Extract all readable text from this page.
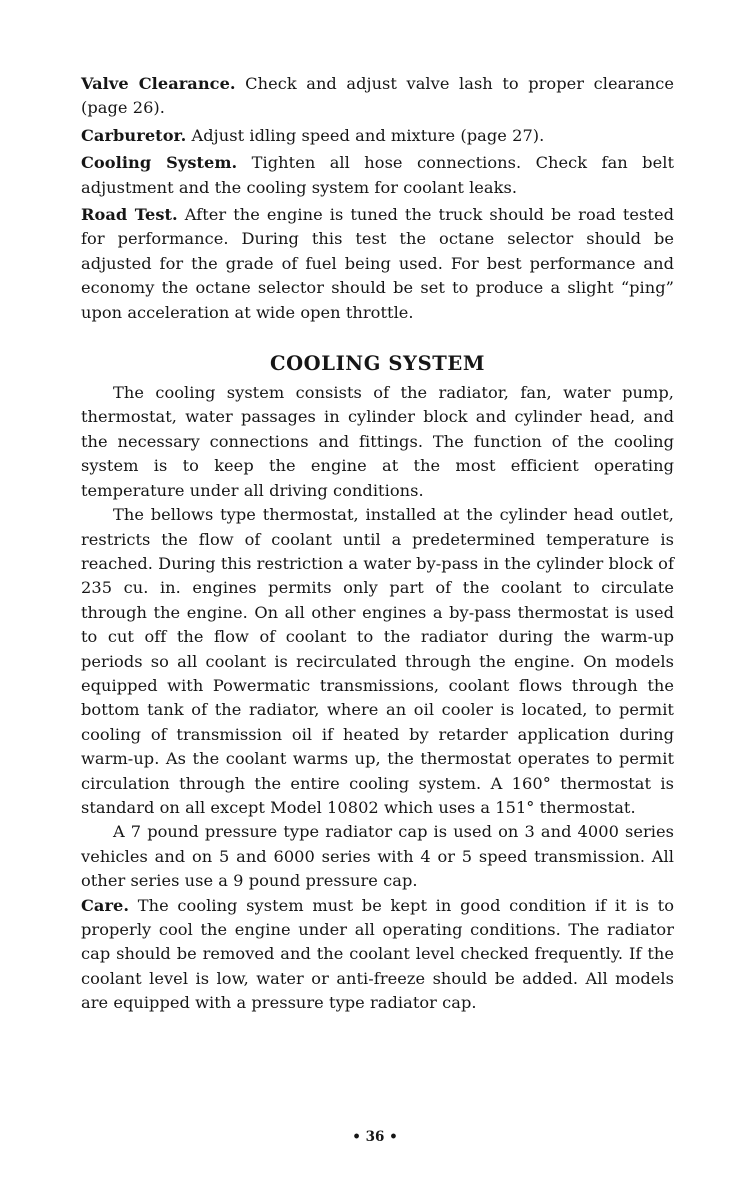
Valve Clearance. Check and adjust valve lash to proper clearance (page 26).

Carburetor. Adjust idling speed and mixture (page 27).

Cooling System. Tighten all hose connections. Check fan belt adjustment and the cooling system for coolant leaks.

Road Test. After the engine is tuned the truck should be road tested for performance. During this test the octane selector should be adjusted for the grade of fuel being used. For best performance and economy the octane selector should be set to produce a slight “ping” upon acceleration at wide open throttle.

COOLING SYSTEM

The cooling system consists of the radiator, fan, water pump, thermostat, water passages in cylinder block and cylinder head, and the necessary connections and fittings. The function of the cooling system is to keep the engine at the most efficient operating temperature under all driving conditions.

The bellows type thermostat, installed at the cylinder head outlet, restricts the flow of coolant until a predetermined temperature is reached. During this restriction a water by-pass in the cylinder block of 235 cu. in. engines permits only part of the coolant to circulate through the engine. On all other engines a by-pass thermostat is used to cut off the flow of coolant to the radiator during the warm-up periods so all coolant is recirculated through the engine. On models equipped with Powermatic transmissions, coolant flows through the bottom tank of the radiator, where an oil cooler is located, to permit cooling of transmission oil if heated by retarder application during warm-up. As the coolant warms up, the thermostat operates to permit circulation through the entire cooling system. A 160° thermostat is standard on all except Model 10802 which uses a 151° thermostat.

A 7 pound pressure type radiator cap is used on 3 and 4000 series vehicles and on 5 and 6000 series with 4 or 5 speed transmission. All other series use a 9 pound pressure cap.

Care. The cooling system must be kept in good condition if it is to properly cool the engine under all operating conditions. The radiator cap should be removed and the coolant level checked frequently. If the coolant level is low, water or anti-freeze should be added. All models are equipped with a pressure type radiator cap.

• 36 •
